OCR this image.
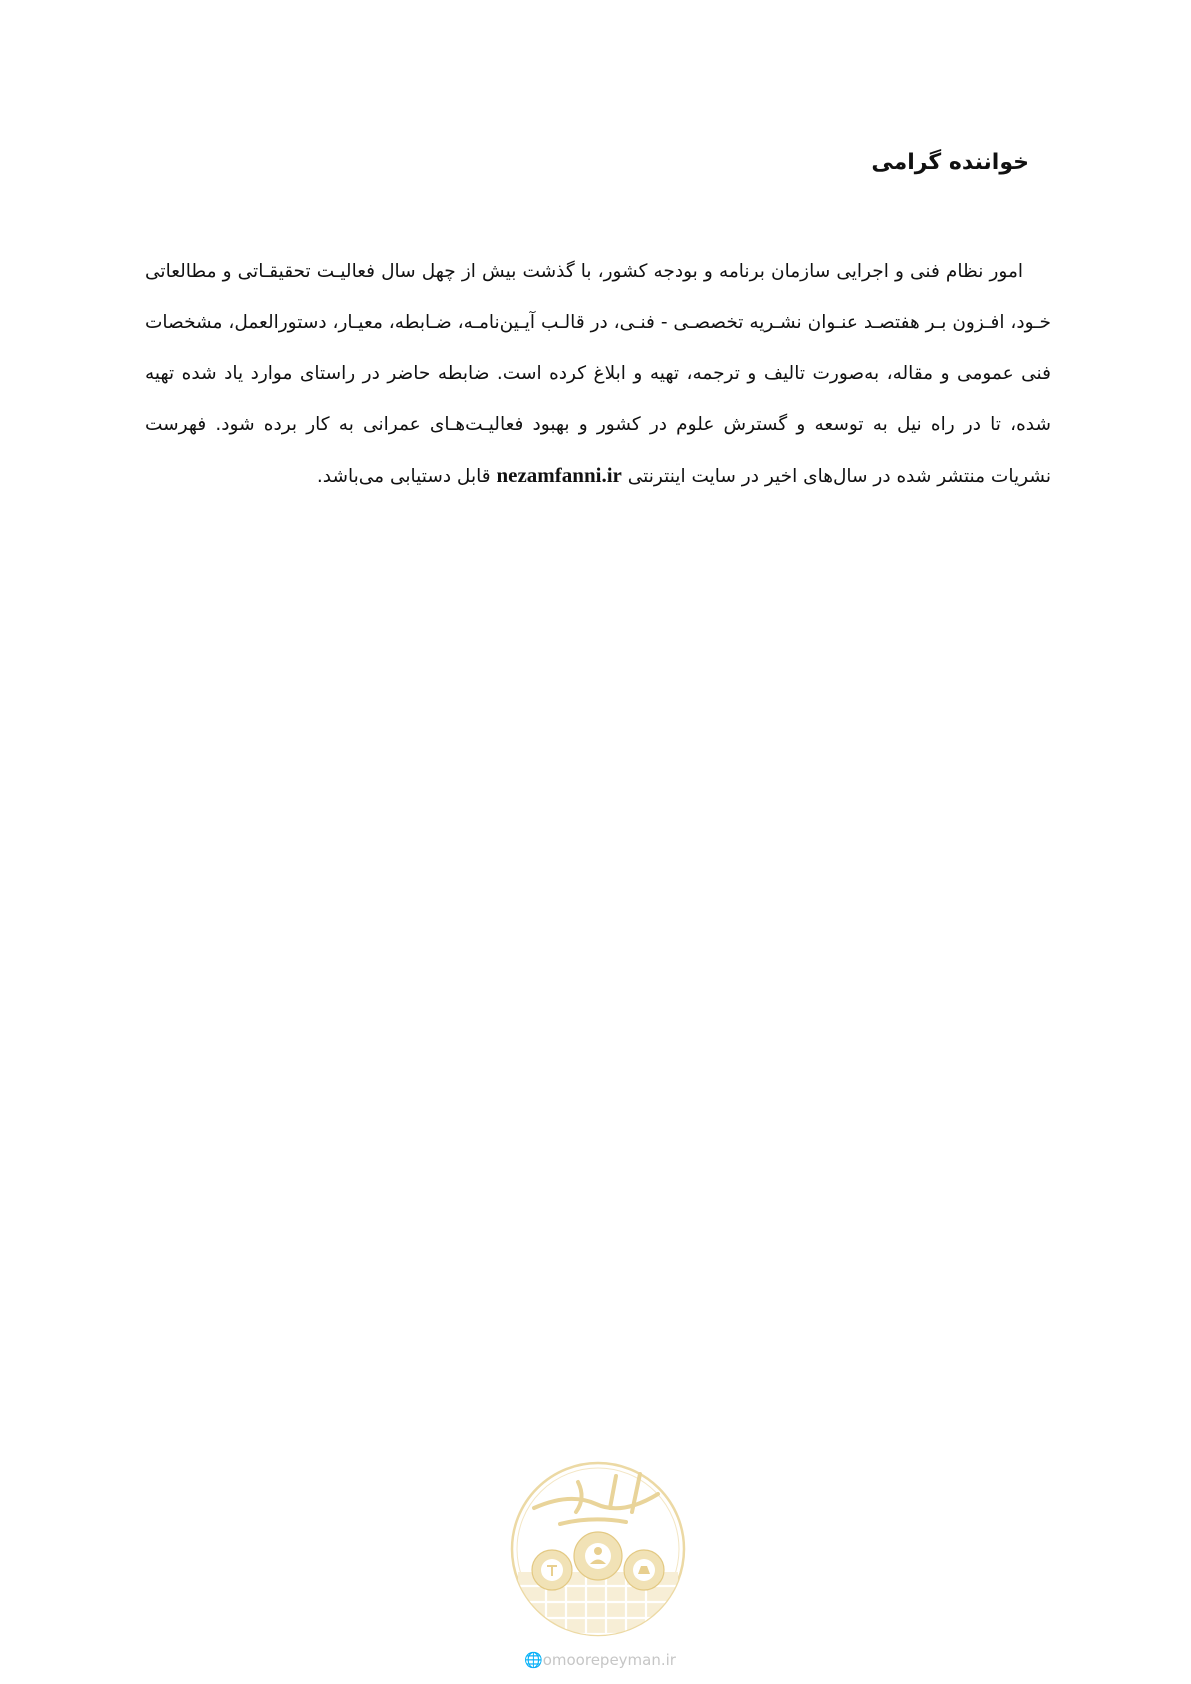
خواننده گرامی

امور نظام فنی و اجرایی سازمان برنامه و بودجه کشور، با گذشت بیش از چهل سال فعالیـت تحقیقـاتی و مطالعاتی خـود، افـزون بـر هفتصـد عنـوان نشـریه تخصصـی - فنـی، در قالـب آیـین‌نامـه، ضـابطه، معیـار، دستورالعمل، مشخصات فنی عمومی و مقاله، به‌صورت تالیف و ترجمه، تهیه و ابلاغ کرده است. ضابطه حاضر در راستای موارد یاد شده تهیه شده، تا در راه نیل به توسعه و گسترش علوم در کشور و بهبود فعالیـت‌هـای عمرانی به کار برده شود. فهرست نشریات منتشر شده در سال‌های اخیر در سایت اینترنتی nezamfanni.ir قابل دستیابی می‌باشد.

🌐omoorepeyman.ir
